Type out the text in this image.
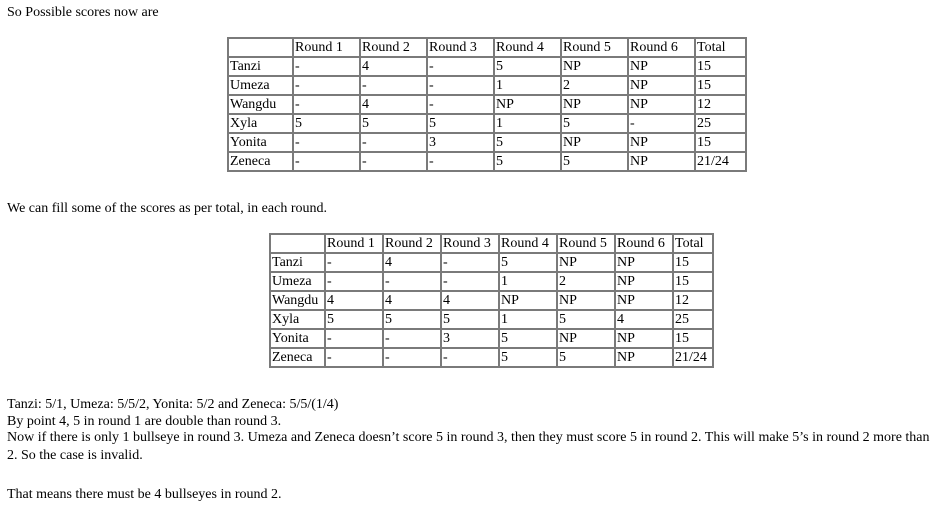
So Possible scores now are

	Round 1	Round 2	Round 3	Round 4	Round 5	Round 6	Total
Tanzi	-	4	-	5	NP	NP	15
Umeza	-	-	-	1	2	NP	15
Wangdu	-	4	-	NP	NP	NP	12
Xyla	5	5	5	1	5	-	25
Yonita	-	-	3	5	NP	NP	15
Zeneca	-	-	-	5	5	NP	21/24

We can fill some of the scores as per total, in each round.

	Round 1	Round 2	Round 3	Round 4	Round 5	Round 6	Total
Tanzi	-	4	-	5	NP	NP	15
Umeza	-	-	-	1	2	NP	15
Wangdu	4	4	4	NP	NP	NP	12
Xyla	5	5	5	1	5	4	25
Yonita	-	-	3	5	NP	NP	15
Zeneca	-	-	-	5	5	NP	21/24

Tanzi: 5/1, Umeza: 5/5/2, Yonita: 5/2 and Zeneca: 5/5/(1/4)

By point 4, 5 in round 1 are double than round 3.

Now if there is only 1 bullseye in round 3. Umeza and Zeneca doesn’t score 5 in round 3, then they must score 5 in round 2. This will make 5’s in round 2 more than 2. So the case is invalid.

That means there must be 4 bullseyes in round 2.
